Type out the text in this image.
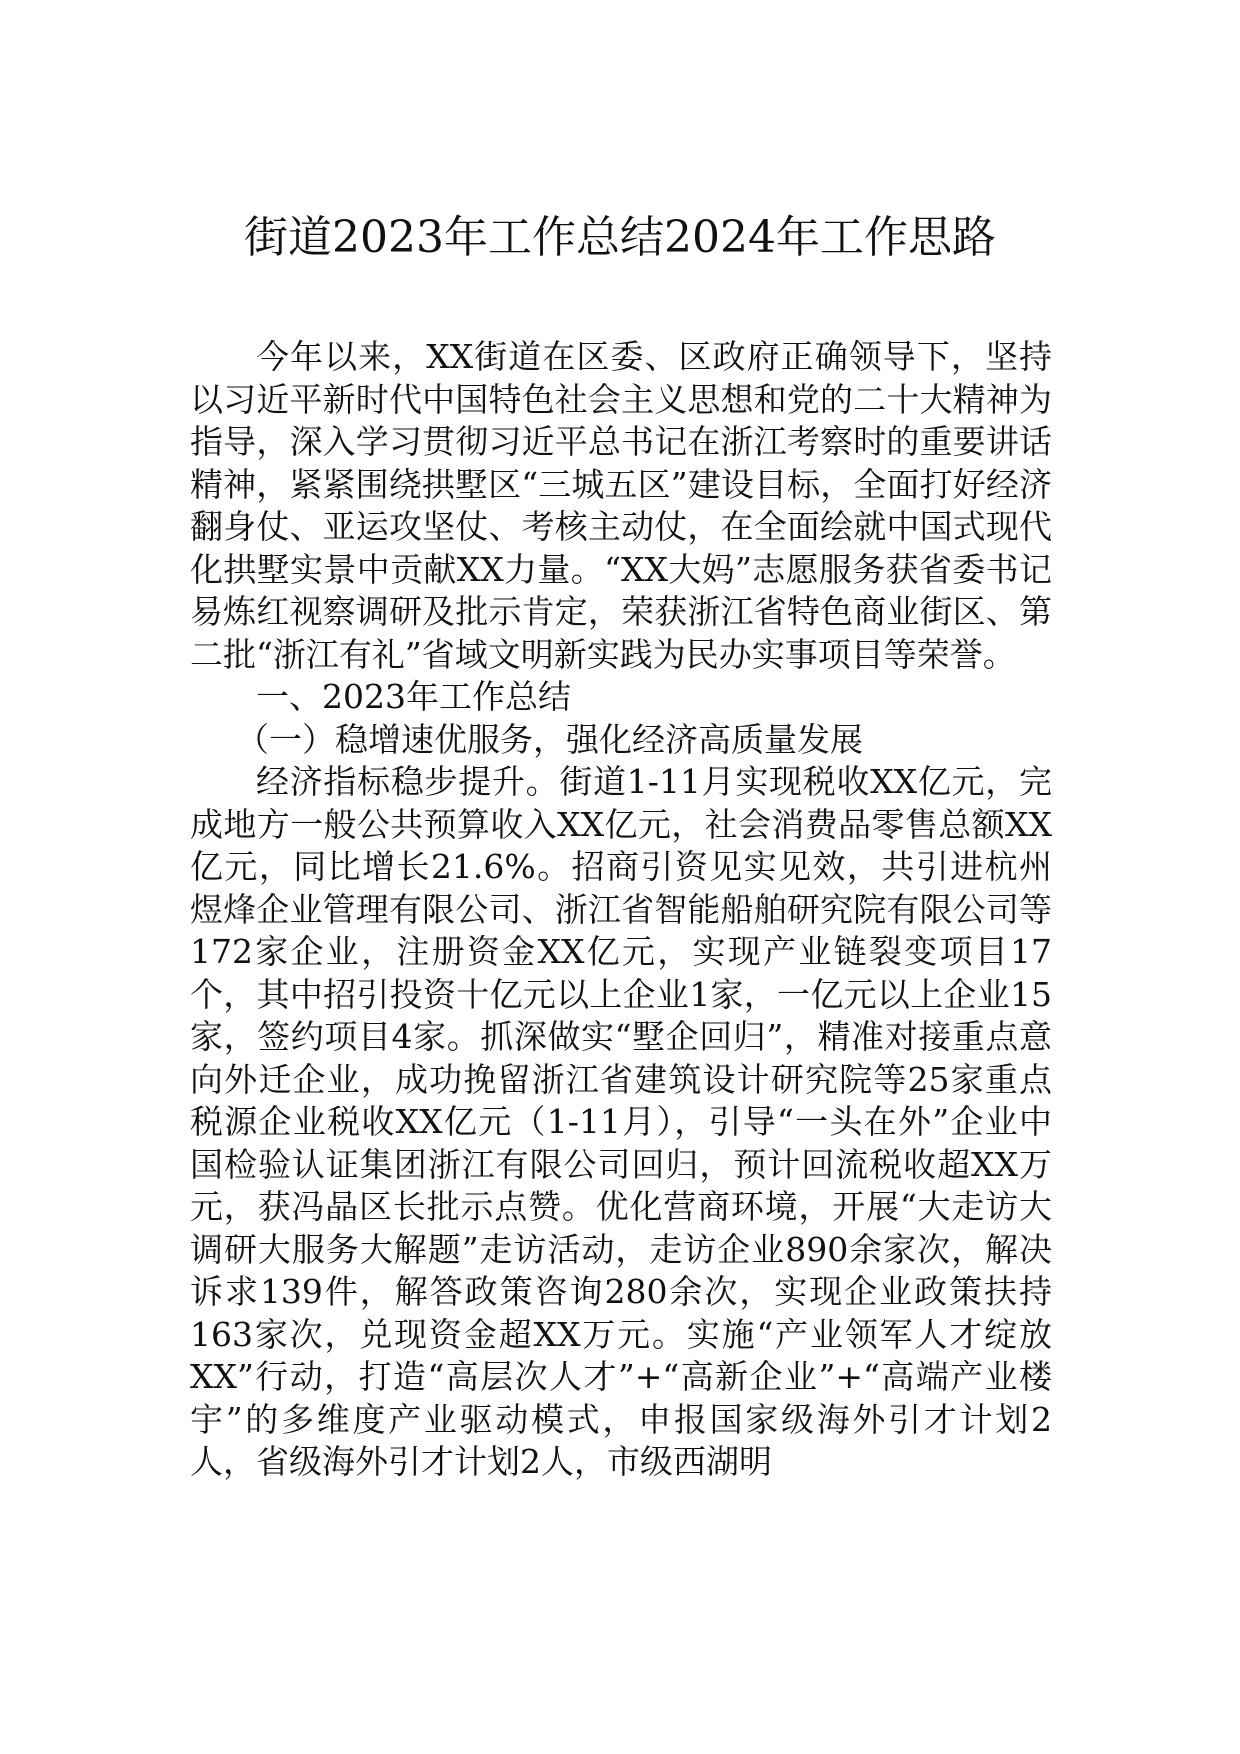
街道2023年工作总结2024年工作思路

今年以来，XX街道在区委、区政府正确领导下，坚持以习近平新时代中国特色社会主义思想和党的二十大精神为指导，深入学习贯彻习近平总书记在浙江考察时的重要讲话精神，紧紧围绕拱墅区“三城五区”建设目标，全面打好经济翻身仗、亚运攻坚仗、考核主动仗，在全面绘就中国式现代化拱墅实景中贡献XX力量。“XX大妈”志愿服务获省委书记易炼红视察调研及批示肯定，荣获浙江省特色商业街区、第二批“浙江有礼”省域文明新实践为民办实事项目等荣誉。

一、2023年工作总结

（一）稳增速优服务，强化经济高质量发展

经济指标稳步提升。街道1-11月实现税收XX亿元，完成地方一般公共预算收入XX亿元，社会消费品零售总额XX亿元，同比增长21.6%。招商引资见实见效，共引进杭州煜烽企业管理有限公司、浙江省智能船舶研究院有限公司等172家企业，注册资金XX亿元，实现产业链裂变项目17个，其中招引投资十亿元以上企业1家，一亿元以上企业15家，签约项目4家。抓深做实“墅企回归”，精准对接重点意向外迁企业，成功挽留浙江省建筑设计研究院等25家重点税源企业税收XX亿元（1-11月），引导“一头在外”企业中国检验认证集团浙江有限公司回归，预计回流税收超XX万元，获冯晶区长批示点赞。优化营商环境，开展“大走访大调研大服务大解题”走访活动，走访企业890余家次，解决诉求139件，解答政策咨询280余次，实现企业政策扶持163家次，兑现资金超XX万元。实施“产业领军人才绽放XX”行动，打造“高层次人才”+“高新企业”+“高端产业楼宇”的多维度产业驱动模式，申报国家级海外引才计划2人，省级海外引才计划2人，市级西湖明
